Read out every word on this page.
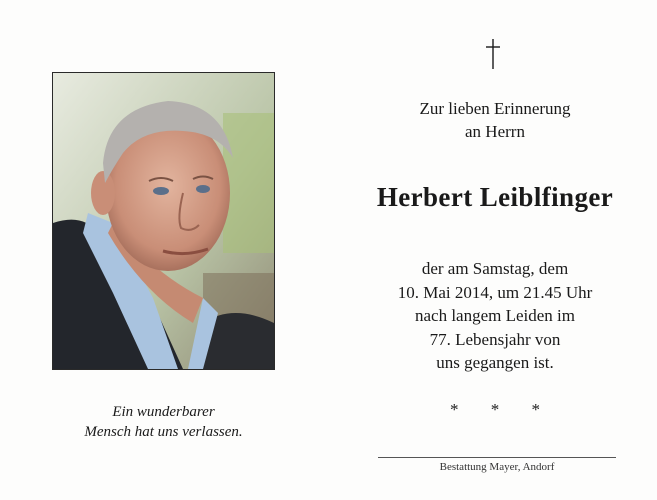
Ein wunderbarer
Mensch hat uns verlassen.
Zur lieben Erinnerung
an Herrn
Herbert Leiblfinger
der am Samstag, dem
10. Mai 2014, um 21.45 Uhr
nach langem Leiden im
77. Lebensjahr von
uns gegangen ist.
* * *
Bestattung Mayer, Andorf
